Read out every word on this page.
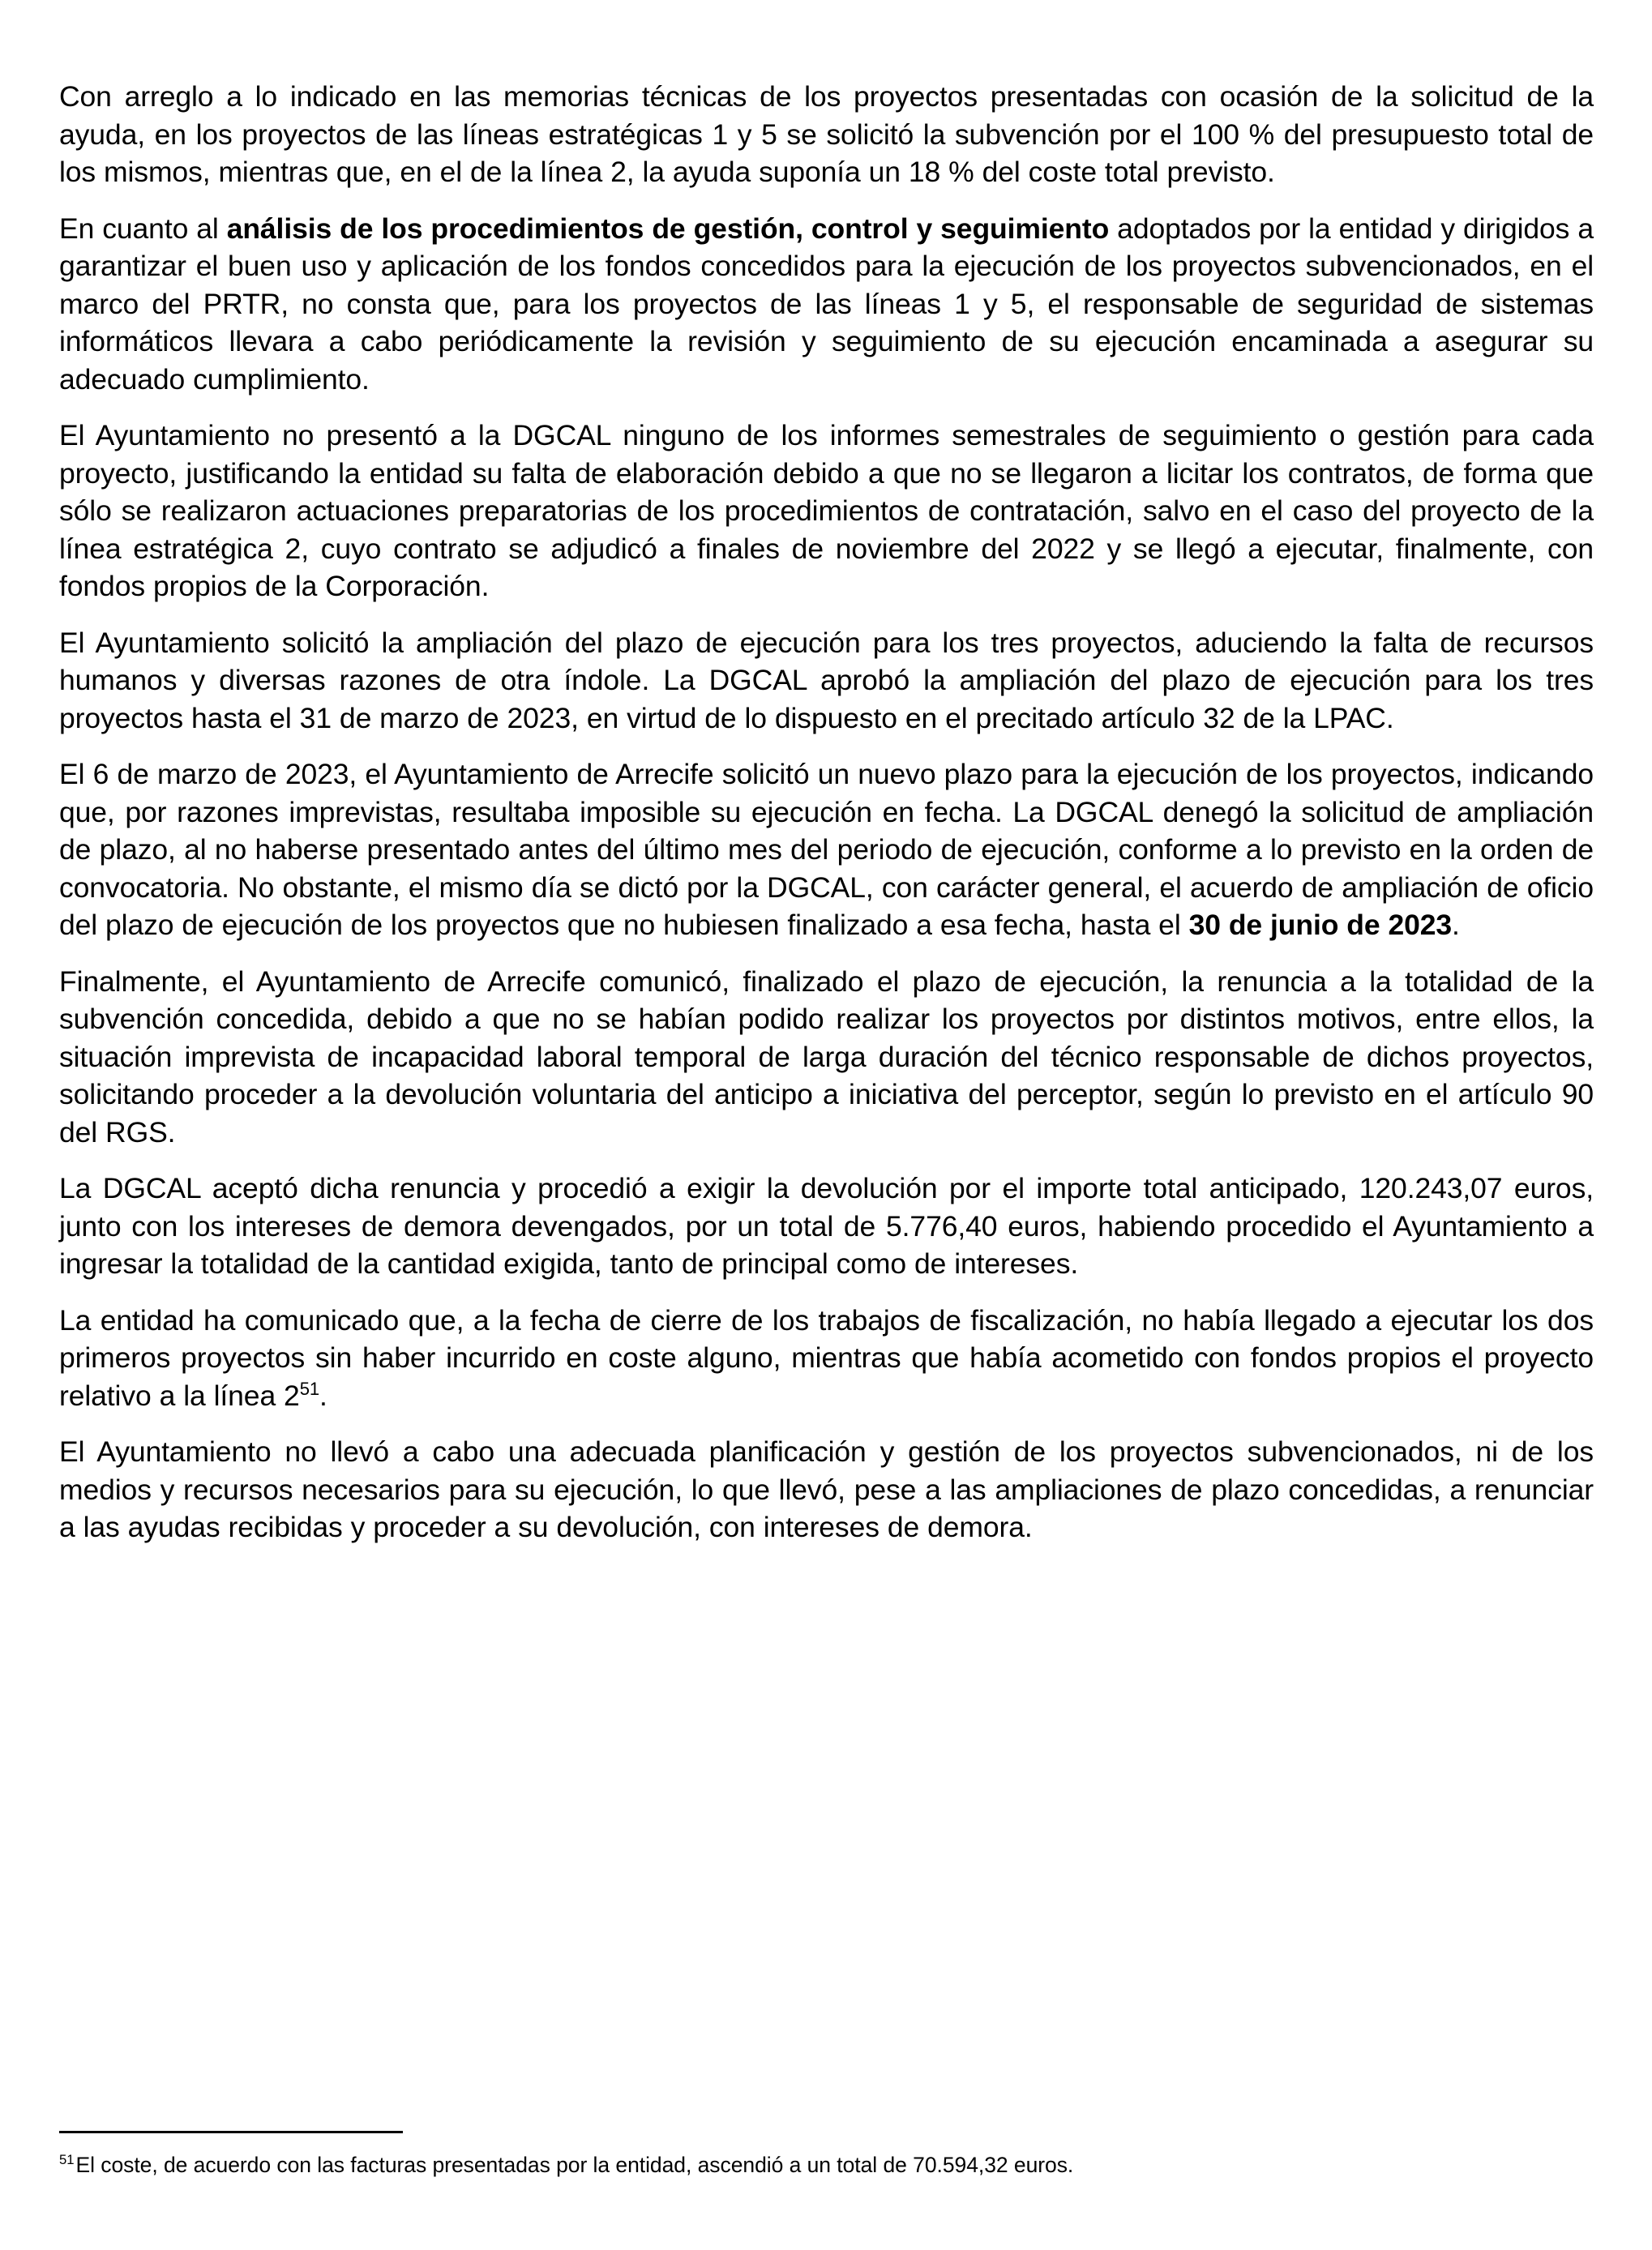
Con arreglo a lo indicado en las memorias técnicas de los proyectos presentadas con ocasión de la solicitud de la ayuda, en los proyectos de las líneas estratégicas 1 y 5 se solicitó la subvención por el 100 % del presupuesto total de los mismos, mientras que, en el de la línea 2, la ayuda suponía un 18 % del coste total previsto.

En cuanto al análisis de los procedimientos de gestión, control y seguimiento adoptados por la entidad y dirigidos a garantizar el buen uso y aplicación de los fondos concedidos para la ejecución de los proyectos subvencionados, en el marco del PRTR, no consta que, para los proyectos de las líneas 1 y 5, el responsable de seguridad de sistemas informáticos llevara a cabo periódicamente la revisión y seguimiento de su ejecución encaminada a asegurar su adecuado cumplimiento.

El Ayuntamiento no presentó a la DGCAL ninguno de los informes semestrales de seguimiento o gestión para cada proyecto, justificando la entidad su falta de elaboración debido a que no se llegaron a licitar los contratos, de forma que sólo se realizaron actuaciones preparatorias de los procedimientos de contratación, salvo en el caso del proyecto de la línea estratégica 2, cuyo contrato se adjudicó a finales de noviembre del 2022 y se llegó a ejecutar, finalmente, con fondos propios de la Corporación.

El Ayuntamiento solicitó la ampliación del plazo de ejecución para los tres proyectos, aduciendo la falta de recursos humanos y diversas razones de otra índole. La DGCAL aprobó la ampliación del plazo de ejecución para los tres proyectos hasta el 31 de marzo de 2023, en virtud de lo dispuesto en el precitado artículo 32 de la LPAC.

El 6 de marzo de 2023, el Ayuntamiento de Arrecife solicitó un nuevo plazo para la ejecución de los proyectos, indicando que, por razones imprevistas, resultaba imposible su ejecución en fecha. La DGCAL denegó la solicitud de ampliación de plazo, al no haberse presentado antes del último mes del periodo de ejecución, conforme a lo previsto en la orden de convocatoria. No obstante, el mismo día se dictó por la DGCAL, con carácter general, el acuerdo de ampliación de oficio del plazo de ejecución de los proyectos que no hubiesen finalizado a esa fecha, hasta el 30 de junio de 2023.

Finalmente, el Ayuntamiento de Arrecife comunicó, finalizado el plazo de ejecución, la renuncia a la totalidad de la subvención concedida, debido a que no se habían podido realizar los proyectos por distintos motivos, entre ellos, la situación imprevista de incapacidad laboral temporal de larga duración del técnico responsable de dichos proyectos, solicitando proceder a la devolución voluntaria del anticipo a iniciativa del perceptor, según lo previsto en el artículo 90 del RGS.

La DGCAL aceptó dicha renuncia y procedió a exigir la devolución por el importe total anticipado, 120.243,07 euros, junto con los intereses de demora devengados, por un total de 5.776,40 euros, habiendo procedido el Ayuntamiento a ingresar la totalidad de la cantidad exigida, tanto de principal como de intereses.

La entidad ha comunicado que, a la fecha de cierre de los trabajos de fiscalización, no había llegado a ejecutar los dos primeros proyectos sin haber incurrido en coste alguno, mientras que había acometido con fondos propios el proyecto relativo a la línea $2^{51}$.

El Ayuntamiento no llevó a cabo una adecuada planificación y gestión de los proyectos subvencionados, ni de los medios y recursos necesarios para su ejecución, lo que llevó, pese a las ampliaciones de plazo concedidas, a renunciar a las ayudas recibidas y proceder a su devolución, con intereses de demora.

$^{51}$El coste, de acuerdo con las facturas presentadas por la entidad, ascendió a un total de 70.594,32 euros.
